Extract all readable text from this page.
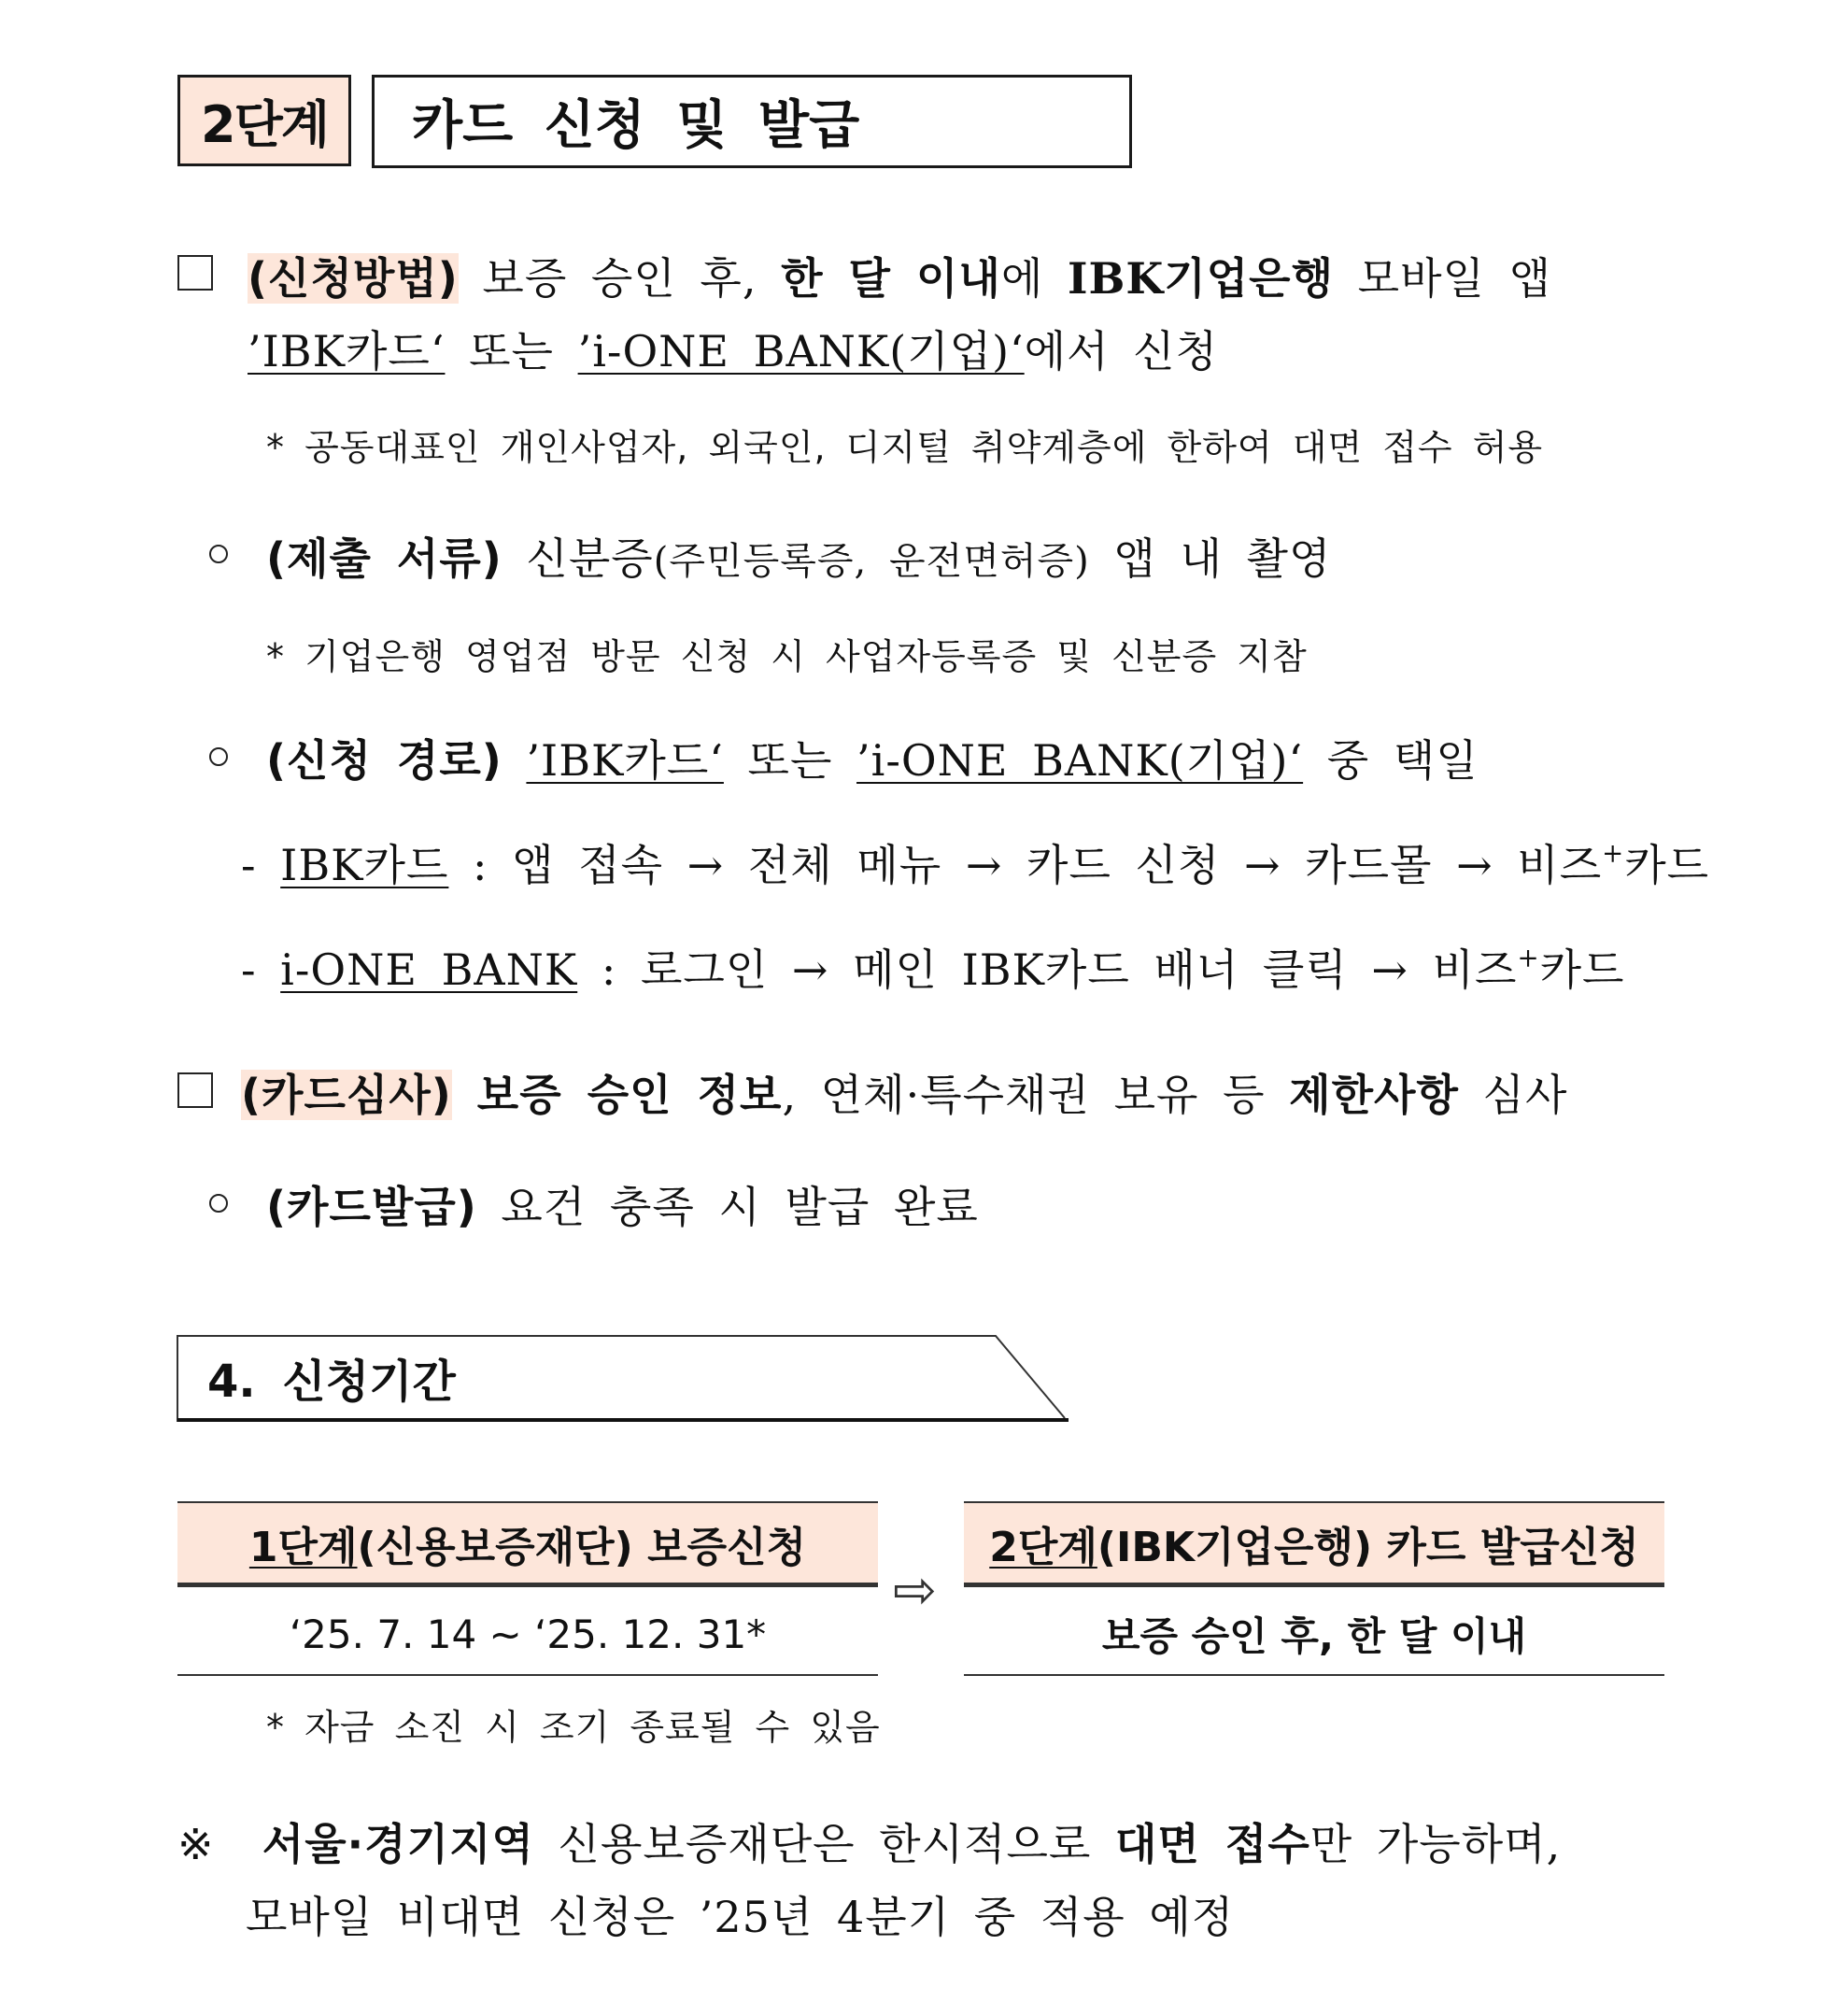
2단계	카드 신청 및 발급
(신청방법) 보증 승인 후, 한 달 이내에 IBK기업은행 모바일 앱
’IBK카드‘ 또는 ’i-ONE BANK(기업)‘에서 신청
* 공동대표인 개인사업자, 외국인, 디지털 취약계층에 한하여 대면 접수 허용
(제출 서류) 신분증(주민등록증, 운전면허증) 앱 내 촬영
* 기업은행 영업점 방문 신청 시 사업자등록증 및 신분증 지참
(신청 경로) ’IBK카드‘ 또는 ’i-ONE BANK(기업)‘ 중 택일
- IBK카드 : 앱 접속 → 전체 메뉴 → 카드 신청 → 카드몰 → 비즈+카드
- i-ONE BANK : 로그인 → 메인 IBK카드 배너 클릭 → 비즈+카드
(카드심사) 보증 승인 정보, 연체·특수채권 보유 등 제한사항 심사
(카드발급) 요건 충족 시 발급 완료
4. 신청기간
1단계 (신용보증재단) 보증신청
‘25. 7. 14 ~ ‘25. 12. 31*
⇨
2단계 (IBK기업은행) 카드 발급신청
보증 승인 후, 한 달 이내
* 자금 소진 시 조기 종료될 수 있음
※ 서울·경기지역 신용보증재단은 한시적으로 대면 접수만 가능하며,
모바일 비대면 신청은 ’25년 4분기 중 적용 예정
